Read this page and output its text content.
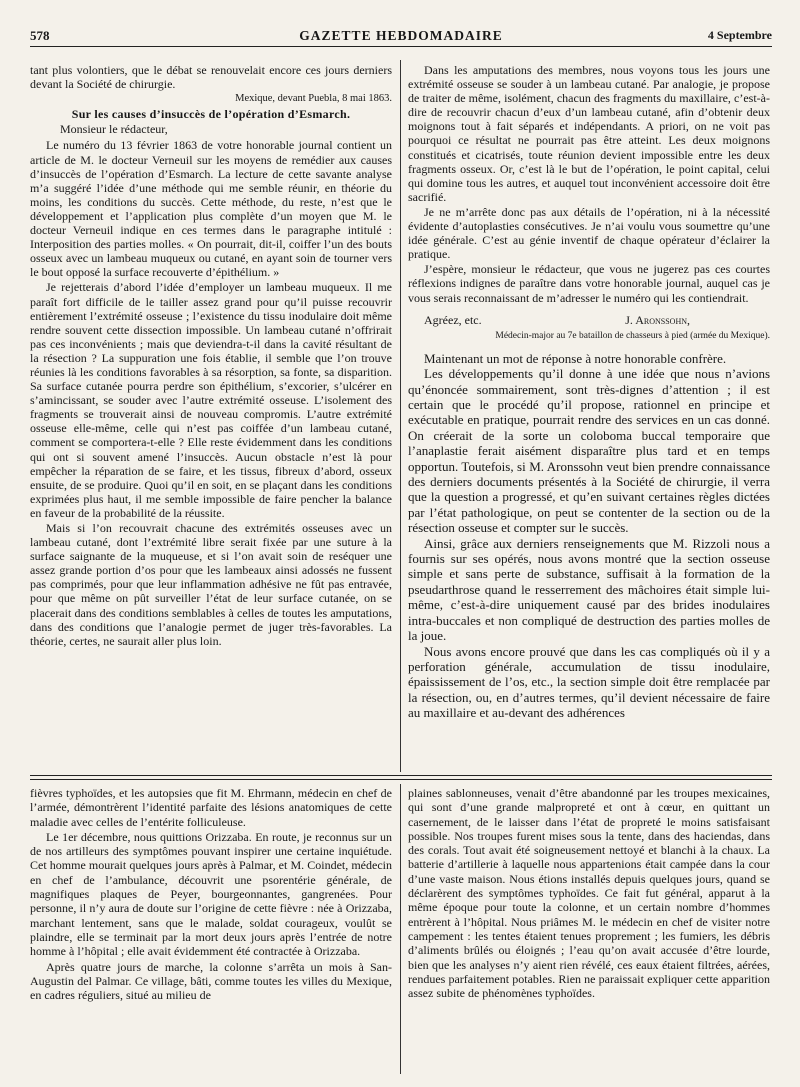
578	GAZETTE HEBDOMADAIRE	4 Septembre

tant plus volontiers, que le débat se renouvelait encore ces jours derniers devant la Société de chirurgie.

Mexique, devant Puebla, 8 mai 1863.

Sur les causes d’insuccès de l’opération d’Esmarch.

Monsieur le rédacteur,

Le numéro du 13 février 1863 de votre honorable journal contient un article de M. le docteur Verneuil sur les moyens de remédier aux causes d’insuccès de l’opération d’Esmarch. La lecture de cette savante analyse m’a suggéré l’idée d’une méthode qui me semble réunir, en théorie du moins, les conditions du succès. Cette méthode, du reste, n’est que le développement et l’application plus complète d’un moyen que M. le docteur Verneuil indique en ces termes dans le paragraphe intitulé : Interposition des parties molles. « On pourrait, dit-il, coiffer l’un des bouts osseux avec un lambeau muqueux ou cutané, en ayant soin de tourner vers le bout opposé la surface recouverte d’épithélium. »

Je rejetterais d’abord l’idée d’employer un lambeau muqueux. Il me paraît fort difficile de le tailler assez grand pour qu’il puisse recouvrir entièrement l’extrémité osseuse ; l’existence du tissu inodulaire doit même rendre souvent cette dissection impossible. Un lambeau cutané n’offrirait pas ces inconvénients ; mais que deviendra-t-il dans la cavité résultant de la résection ? La suppuration une fois établie, il semble que l’on trouve réunies là les conditions favorables à sa résorption, sa fonte, sa disparition. Sa surface cutanée pourra perdre son épithélium, s’excorier, s’ulcérer en s’amincissant, se souder avec l’autre extrémité osseuse. L’isolement des fragments se trouverait ainsi de nouveau compromis. L’autre extrémité osseuse elle-même, celle qui n’est pas coiffée d’un lambeau cutané, comment se comportera-t-elle ? Elle reste évidemment dans les conditions qui ont si souvent amené l’insuccès. Aucun obstacle n’est là pour empêcher la réparation de se faire, et les tissus, fibreux d’abord, osseux ensuite, de se produire. Quoi qu’il en soit, en se plaçant dans les conditions exprimées plus haut, il me semble impossible de faire pencher la balance en faveur de la probabilité de la réussite.

Mais si l’on recouvrait chacune des extrémités osseuses avec un lambeau cutané, dont l’extrémité libre serait fixée par une suture à la surface saignante de la muqueuse, et si l’on avait soin de reséquer une assez grande portion d’os pour que les lambeaux ainsi adossés ne fussent pas comprimés, pour que leur inflammation adhésive ne fût pas entravée, pour que même on pût surveiller l’état de leur surface cutanée, on se placerait dans des conditions semblables à celles de toutes les amputations, dans des conditions que l’analogie permet de juger très-favorables. La théorie, certes, ne saurait aller plus loin.

Dans les amputations des membres, nous voyons tous les jours une extrémité osseuse se souder à un lambeau cutané. Par analogie, je propose de traiter de même, isolément, chacun des fragments du maxillaire, c’est-à-dire de recouvrir chacun d’eux d’un lambeau cutané, afin d’obtenir deux moignons tout à fait séparés et indépendants. A priori, on ne voit pas pourquoi ce résultat ne pourrait pas être atteint. Les deux moignons constitués et cicatrisés, toute réunion devient impossible entre les deux fragments osseux. Or, c’est là le but de l’opération, le point capital, celui qui domine tous les autres, et auquel tout inconvénient accessoire doit être sacrifié.

Je ne m’arrête donc pas aux détails de l’opération, ni à la nécessité évidente d’autoplasties consécutives. Je n’ai voulu vous soumettre qu’une idée générale. C’est au génie inventif de chaque opérateur d’éclairer la pratique.

J’espère, monsieur le rédacteur, que vous ne jugerez pas ces courtes réflexions indignes de paraître dans votre honorable journal, auquel cas je vous serais reconnaissant de m’adresser le numéro qui les contiendrait.

Agréez, etc.	J. Aronssohn,
Médecin-major au 7e bataillon de chasseurs à pied (armée du Mexique).

Maintenant un mot de réponse à notre honorable confrère.

Les développements qu’il donne à une idée que nous n’avions qu’énoncée sommairement, sont très-dignes d’attention ; il est certain que le procédé qu’il propose, rationnel en principe et exécutable en pratique, pourrait rendre des services en un cas donné. On créerait de la sorte un coloboma buccal temporaire que l’anaplastie ferait aisément disparaître plus tard et en temps opportun. Toutefois, si M. Aronssohn veut bien prendre connaissance des derniers documents présentés à la Société de chirurgie, il verra que la question a progressé, et qu’en suivant certaines règles dictées par l’état pathologique, on peut se contenter de la section ou de la résection osseuse et compter sur le succès.

Ainsi, grâce aux derniers renseignements que M. Rizzoli nous a fournis sur ses opérés, nous avons montré que la section osseuse simple et sans perte de substance, suffisait à la formation de la pseudarthrose quand le resserrement des mâchoires était simple lui-même, c’est-à-dire uniquement causé par des brides inodulaires intra-buccales et non compliqué de destruction des parties molles de la joue.

Nous avons encore prouvé que dans les cas compliqués où il y a perforation générale, accumulation de tissu inodulaire, épaississement de l’os, etc., la section simple doit être remplacée par la résection, ou, en d’autres termes, qu’il devient nécessaire de faire au maxillaire et au-devant des adhérences

fièvres typhoïdes, et les autopsies que fit M. Ehrmann, médecin en chef de l’armée, démontrèrent l’identité parfaite des lésions anatomiques de cette maladie avec celles de l’entérite folliculeuse.

Le 1er décembre, nous quittions Orizzaba. En route, je reconnus sur un de nos artilleurs des symptômes pouvant inspirer une certaine inquiétude. Cet homme mourait quelques jours après à Palmar, et M. Coindet, médecin en chef de l’ambulance, découvrit une psorentérie générale, de magnifiques plaques de Peyer, bourgeonnantes, gangrenées. Pour personne, il n’y aura de doute sur l’origine de cette fièvre : née à Orizzaba, marchant lentement, sans que le malade, soldat courageux, voulût se plaindre, elle se terminait par la mort deux jours après l’entrée de notre homme à l’hôpital ; elle avait évidemment été contractée à Orizzaba.

Après quatre jours de marche, la colonne s’arrêta un mois à San-Augustin del Palmar. Ce village, bâti, comme toutes les villes du Mexique, en cadres réguliers, situé au milieu de

plaines sablonneuses, venait d’être abandonné par les troupes mexicaines, qui sont d’une grande malpropreté et ont à cœur, en quittant un casernement, de le laisser dans l’état de propreté le moins satisfaisant possible. Nos troupes furent mises sous la tente, dans des haciendas, dans des corals. Tout avait été soigneusement nettoyé et blanchi à la chaux. La batterie d’artillerie à laquelle nous appartenions était campée dans la cour d’une vaste maison. Nous étions installés depuis quelques jours, quand se déclarèrent des symptômes typhoïdes. Ce fait fut général, apparut à la même époque pour toute la colonne, et un certain nombre d’hommes entrèrent à l’hôpital. Nous priâmes M. le médecin en chef de visiter notre campement : les tentes étaient tenues proprement ; les fumiers, les débris d’aliments brûlés ou éloignés ; l’eau qu’on avait accusée d’être lourde, bien que les analyses n’y aient rien révélé, ces eaux étaient filtrées, aérées, rendues parfaitement potables. Rien ne paraissait expliquer cette apparition assez subite de phénomènes typhoïdes.
